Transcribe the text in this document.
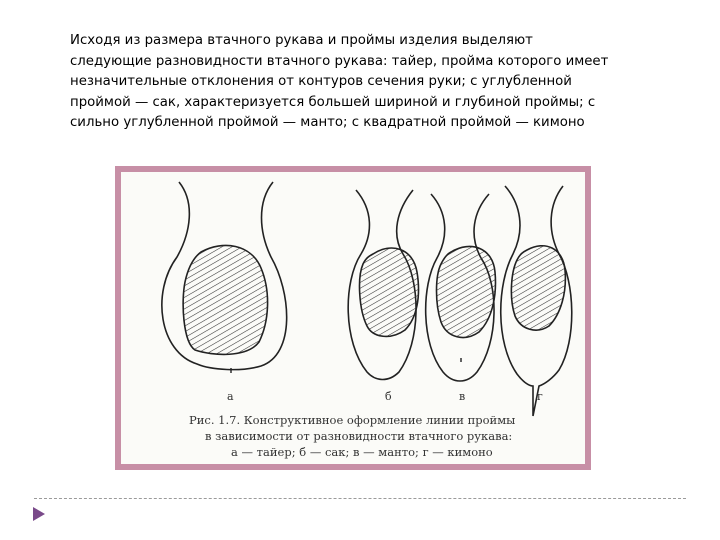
Исходя из размера втачного рукава и проймы изделия выделяют
следующие разновидности втачного рукава: тайер, пройма которого имеет
незначительные отклонения от контуров сечения руки; с углубленной
проймой — сак, характеризуется большей шириной и глубиной проймы; с
сильно углубленной проймой — манто; с квадратной проймой — кимоно
а	б	в	г
Рис. 1.7. Конструктивное оформление линии проймы
в зависимости от разновидности втачного рукава:
а — тайер; б — сак; в — манто; г — кимоно
